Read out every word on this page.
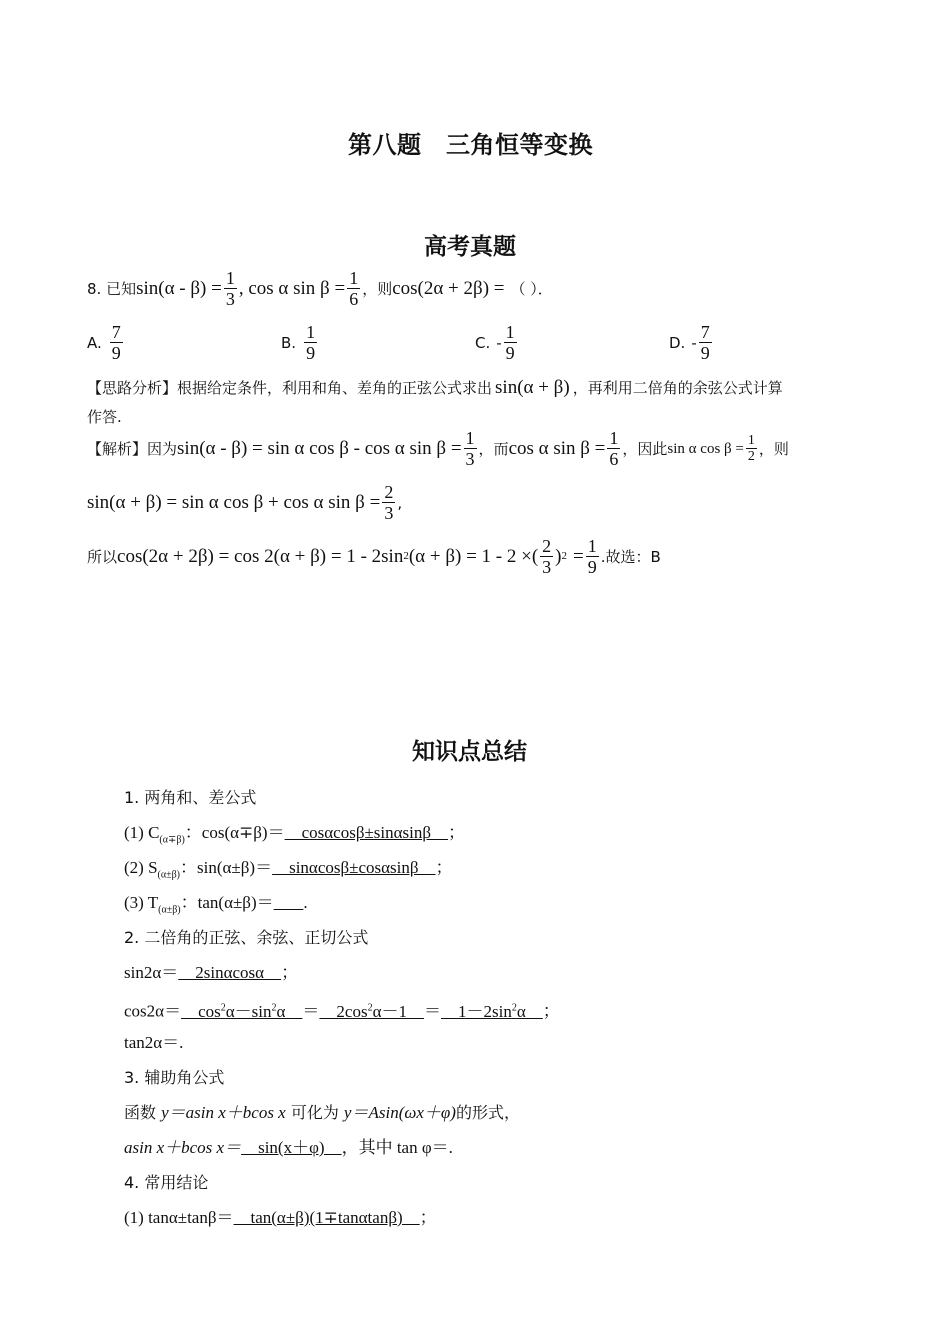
第八题　三角恒等变换
高考真题
8. 已知 $\sin(\alpha - \beta) = \frac{1}{3}$ , cos α $\sin \beta = \frac{1}{6}$ ，则 cos(2α + 2β) = （ ）．
A. $\frac{7}{9}$	B. $\frac{1}{9}$	C. - $\frac{1}{9}$	D. - $\frac{7}{9}$
【思路分析】根据给定条件，利用和角、差角的正弦公式求出 sin(α + β) ，再利用二倍角的余弦公式计算
作答.
【解析】因为 sin(α - β) = sin α cos β - cos α $\sin \beta = \frac{1}{3}$ ，而 cos α $\sin \beta = \frac{1}{6}$ ，因此 sin α $\cos \beta = \frac{1}{2}$ ，则
sin(α + β) = sin α cos β + cos α $\sin \beta = \frac{2}{3}$ ,
所以 cos(2α + 2β) = cos 2(α + β) = 1 - 2sin 2 (α + β) = 1 - 2 ×( $\frac{2}{3}$ ) $2 = \frac{1}{9}$ .故选：B
知识点总结
1. 两角和、差公式
(1) $C_{(\alpha\mp\beta)}$：cos(α∓β)＝    cosαcosβ±sinαsinβ    ；
(2) $S_{(\alpha\pm\beta)}$：sin(α±β)＝    sinαcosβ±cosαsinβ    ；
(3) $T_{(\alpha\pm\beta)}$：tan(α±β)＝ .
2. 二倍角的正弦、余弦、正切公式
sin2α＝    2sinαcosα    ；
cos2α＝    $\cos^2\alpha-\sin^2\alpha$    ＝    $2\cos^2\alpha-1$    ＝    $1-2\sin^2\alpha$    ；
tan2α＝.
3. 辅助角公式
函数 y＝asin x＋bcos x 可化为 y＝Asin(ωx＋φ)的形式，
asin x＋bcos x＝    sin(x＋φ)    ，其中 tan φ＝.
4. 常用结论
(1) tanα±tanβ＝    tan(α±β)(1∓tanαtanβ)    ；
